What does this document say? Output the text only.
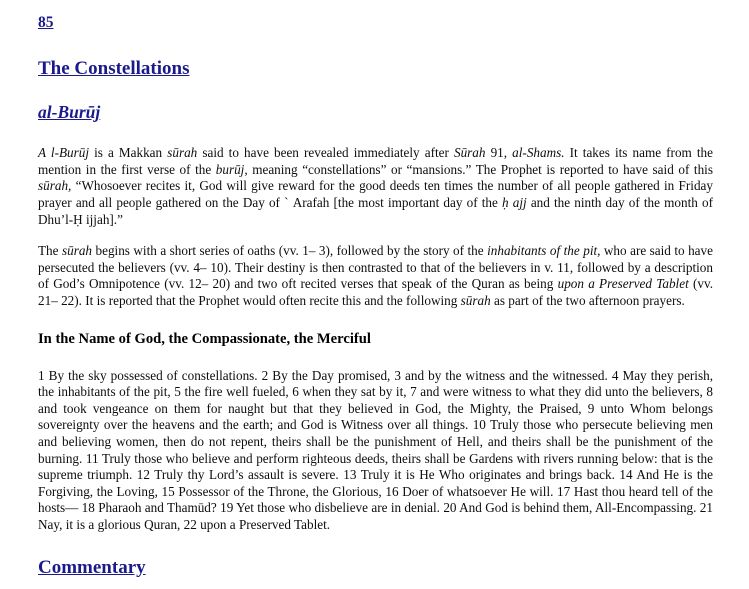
85
The Constellations
al-Burūj

A l-Burūj is a Makkan sūrah said to have been revealed immediately after Sūrah 91, al-Shams. It takes its name from the mention in the first verse of the burūj, meaning “constellations” or “mansions.” The Prophet is reported to have said of this sūrah, “Whosoever recites it, God will give reward for the good deeds ten times the number of all people gathered in Friday prayer and all people gathered on the Day of ˋ Arafah [the most important day of the ḥ ajj and the ninth day of the month of Dhu’l-Ḥ ijjah].”

The sūrah begins with a short series of oaths (vv. 1– 3), followed by the story of the inhabitants of the pit, who are said to have persecuted the believers (vv. 4– 10). Their destiny is then contrasted to that of the believers in v. 11, followed by a description of God’s Omnipotence (vv. 12– 20) and two oft recited verses that speak of the Quran as being upon a Preserved Tablet (vv. 21– 22). It is reported that the Prophet would often recite this and the following sūrah as part of the two afternoon prayers.

In the Name of God, the Compassionate, the Merciful

1 By the sky possessed of constellations. 2 By the Day promised, 3 and by the witness and the witnessed. 4 May they perish, the inhabitants of the pit, 5 the fire well fueled, 6 when they sat by it, 7 and were witness to what they did unto the believers, 8 and took vengeance on them for naught but that they believed in God, the Mighty, the Praised, 9 unto Whom belongs sovereignty over the heavens and the earth; and God is Witness over all things. 10 Truly those who persecute believing men and believing women, then do not repent, theirs shall be the punishment of Hell, and theirs shall be the punishment of the burning. 11 Truly those who believe and perform righteous deeds, theirs shall be Gardens with rivers running below: that is the supreme triumph. 12 Truly thy Lord’s assault is severe. 13 Truly it is He Who originates and brings back. 14 And He is the Forgiving, the Loving, 15 Possessor of the Throne, the Glorious, 16 Doer of whatsoever He will. 17 Hast thou heard tell of the hosts— 18 Pharaoh and Thamūd? 19 Yet those who disbelieve are in denial. 20 And God is behind them, All-Encompassing. 21 Nay, it is a glorious Quran, 22 upon a Preserved Tablet.

Commentary
